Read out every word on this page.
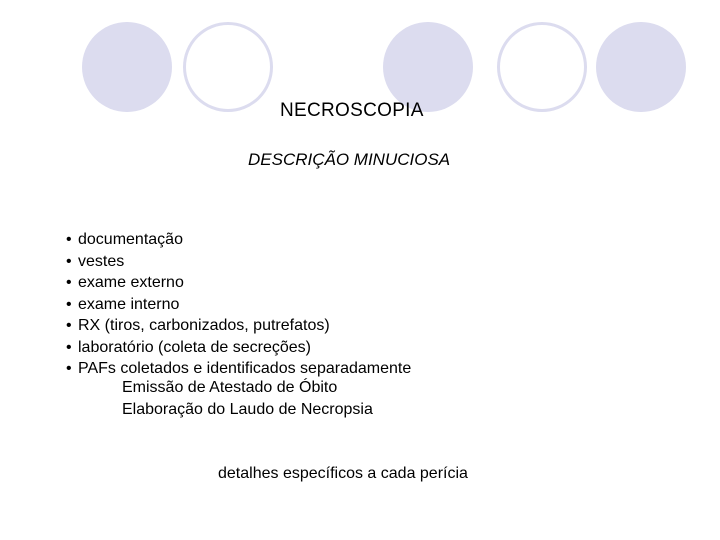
NECROSCOPIA
DESCRIÇÃO MINUCIOSA
• documentação
• vestes
• exame externo
• exame interno
• RX (tiros, carbonizados, putrefatos)
• laboratório (coleta de secreções)
• PAFs coletados e identificados separadamente
Emissão de Atestado de Óbito
Elaboração do Laudo de Necropsia
detalhes específicos a cada perícia
